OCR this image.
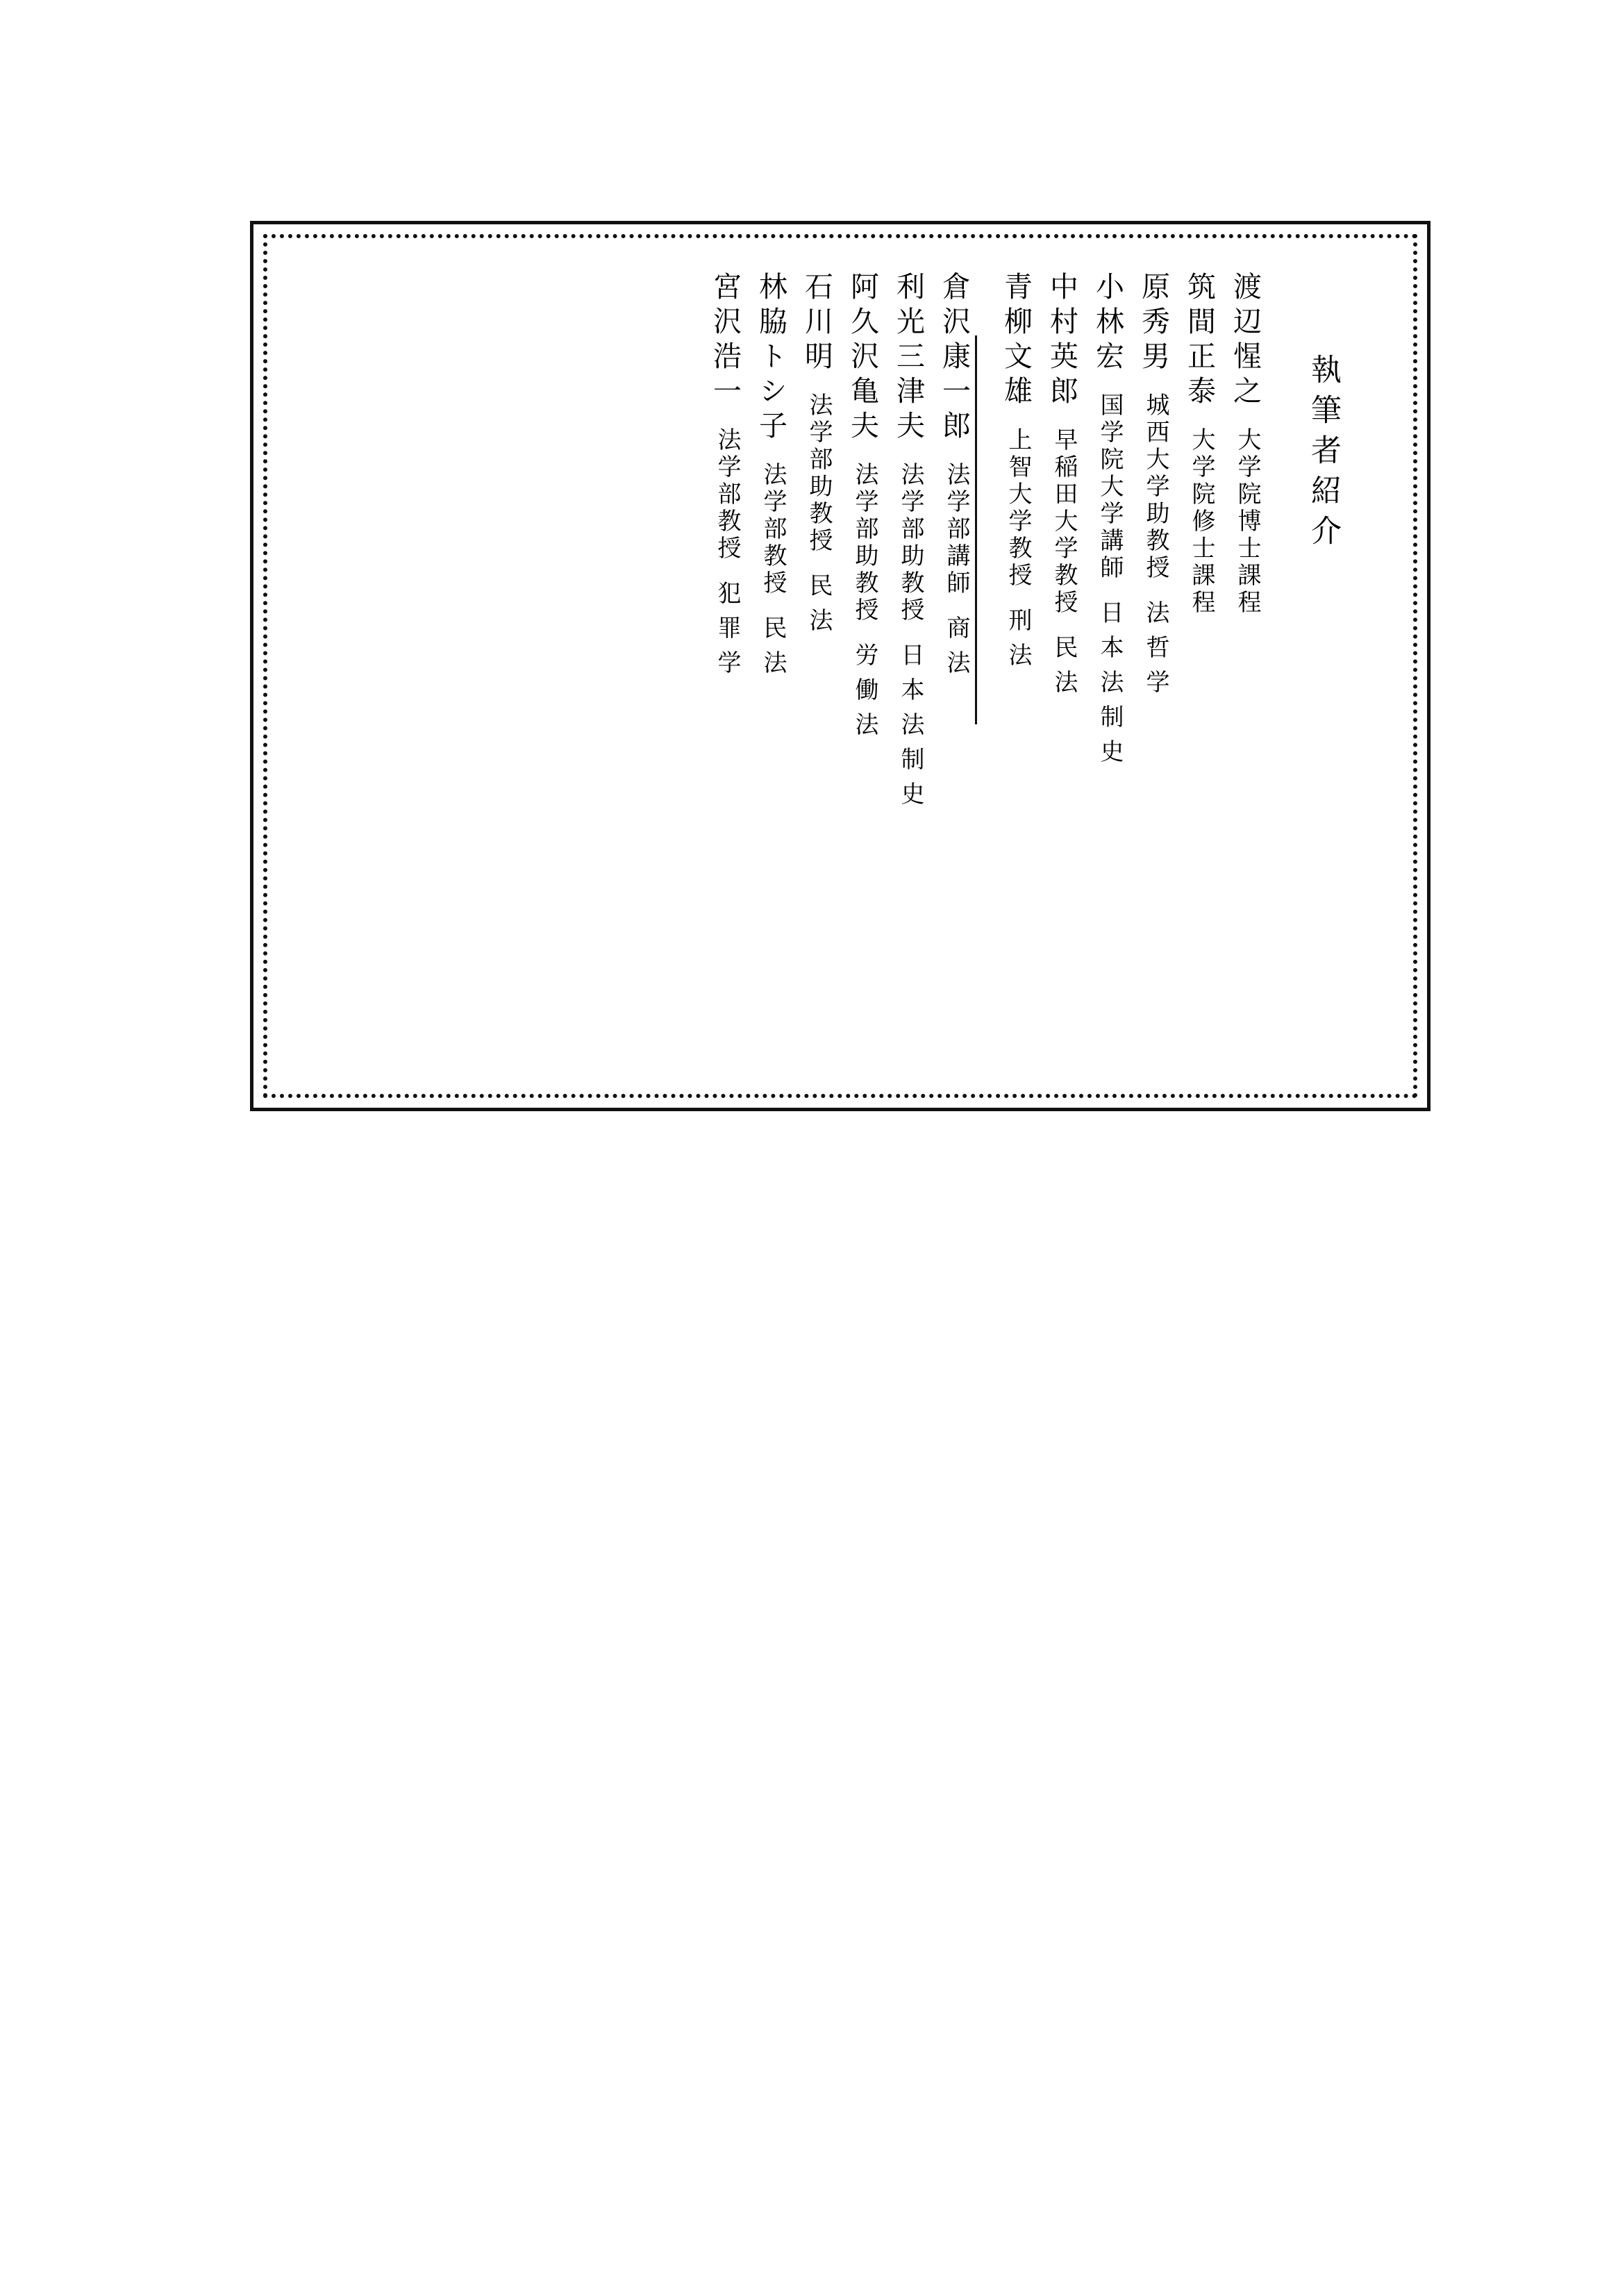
執筆者紹介
宮沢浩一
法学部教授
犯罪学
林脇トシ子
法学部教授
民法
石川明
法学部助教授
民法
阿久沢亀夫
法学部助教授
労働法
利光三津夫
法学部助教授
日本法制史
倉沢康一郎
法学部講師
商法
青柳文雄
上智大学教授
刑法
中村英郎
早稲田大学教授
民法
小林宏
国学院大学講師
日本法制史
原秀男
城西大学助教授
法哲学
筑間正泰
大学院修士課程
渡辺惺之
大学院博士課程
